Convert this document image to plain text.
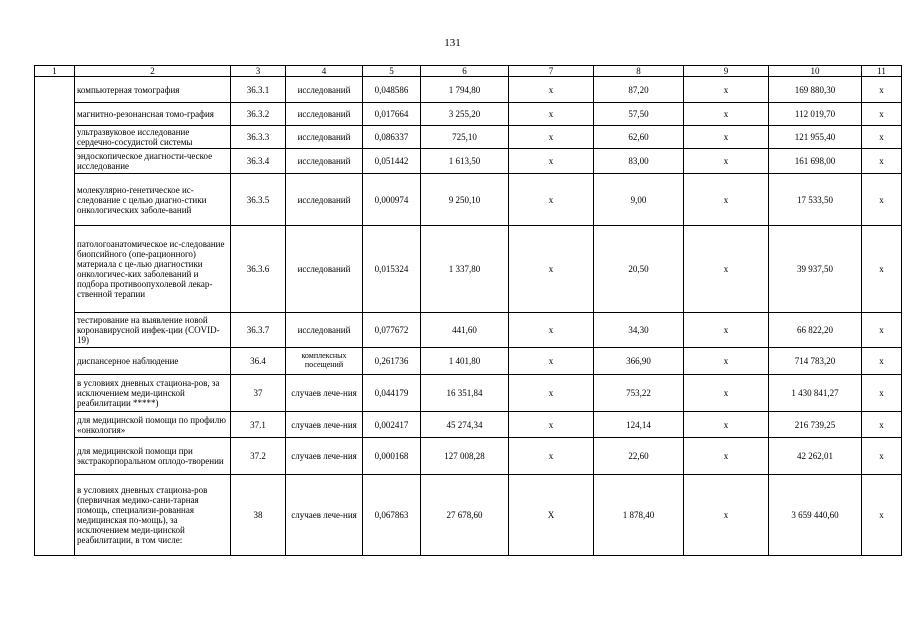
131
1	2	3	4	5	6	7	8	9	10	11
	компьютерная томография	36.3.1	исследований	0,048586	1 794,80	х	87,20	х	169 880,30	х
	магнитно-резонансная томо-графия	36.3.2	исследований	0,017664	3 255,20	х	57,50	х	112 019,70	х
	ультразвуковое исследование сердечно-сосудистой системы	36.3.3	исследований	0,086337	725,10	х	62,60	х	121 955,40	х
	эндоскопическое диагности-ческое исследование	36.3.4	исследований	0,051442	1 613,50	х	83,00	х	161 698,00	х
	молекулярно-генетическое ис-следование с целью диагно-стики онкологических заболе-ваний	36.3.5	исследований	0,000974	9 250,10	х	9,00	х	17 533,50	х
	патологоанатомическое ис-следование биопсийного (опе-рационного) материала с це-лью диагностики онкологичес-ких заболеваний и подбора противоопухолевой лекар-ственной терапии	36.3.6	исследований	0,015324	1 337,80	х	20,50	х	39 937,50	х
	тестирование на выявление новой коронавирусной инфек-ции (COVID-19)	36.3.7	исследований	0,077672	441,60	х	34,30	х	66 822,20	х
	диспансерное наблюдение	36.4	комплексных посещений	0,261736	1 401,80	х	366,90	х	714 783,20	х
	в условиях дневных стациона-ров, за исключением меди-цинской реабилитации *****)	37	случаев лече-ния	0,044179	16 351,84	х	753,22	х	1 430 841,27	х
	для медицинской помощи по профилю «онкология»	37.1	случаев лече-ния	0,002417	45 274,34	х	124,14	х	216 739,25	х
	для медицинской помощи при экстракорпоральном оплодо-творении	37.2	случаев лече-ния	0,000168	127 008,28	х	22,60	х	42 262,01	х
	в условиях дневных стациона-ров (первичная медико-сани-тарная помощь, специализи-рованная медицинская по-мощь), за исключением меди-цинской реабилитации, в том числе:	38	случаев лече-ния	0,067863	27 678,60	Х	1 878,40	х	3 659 440,60	х
